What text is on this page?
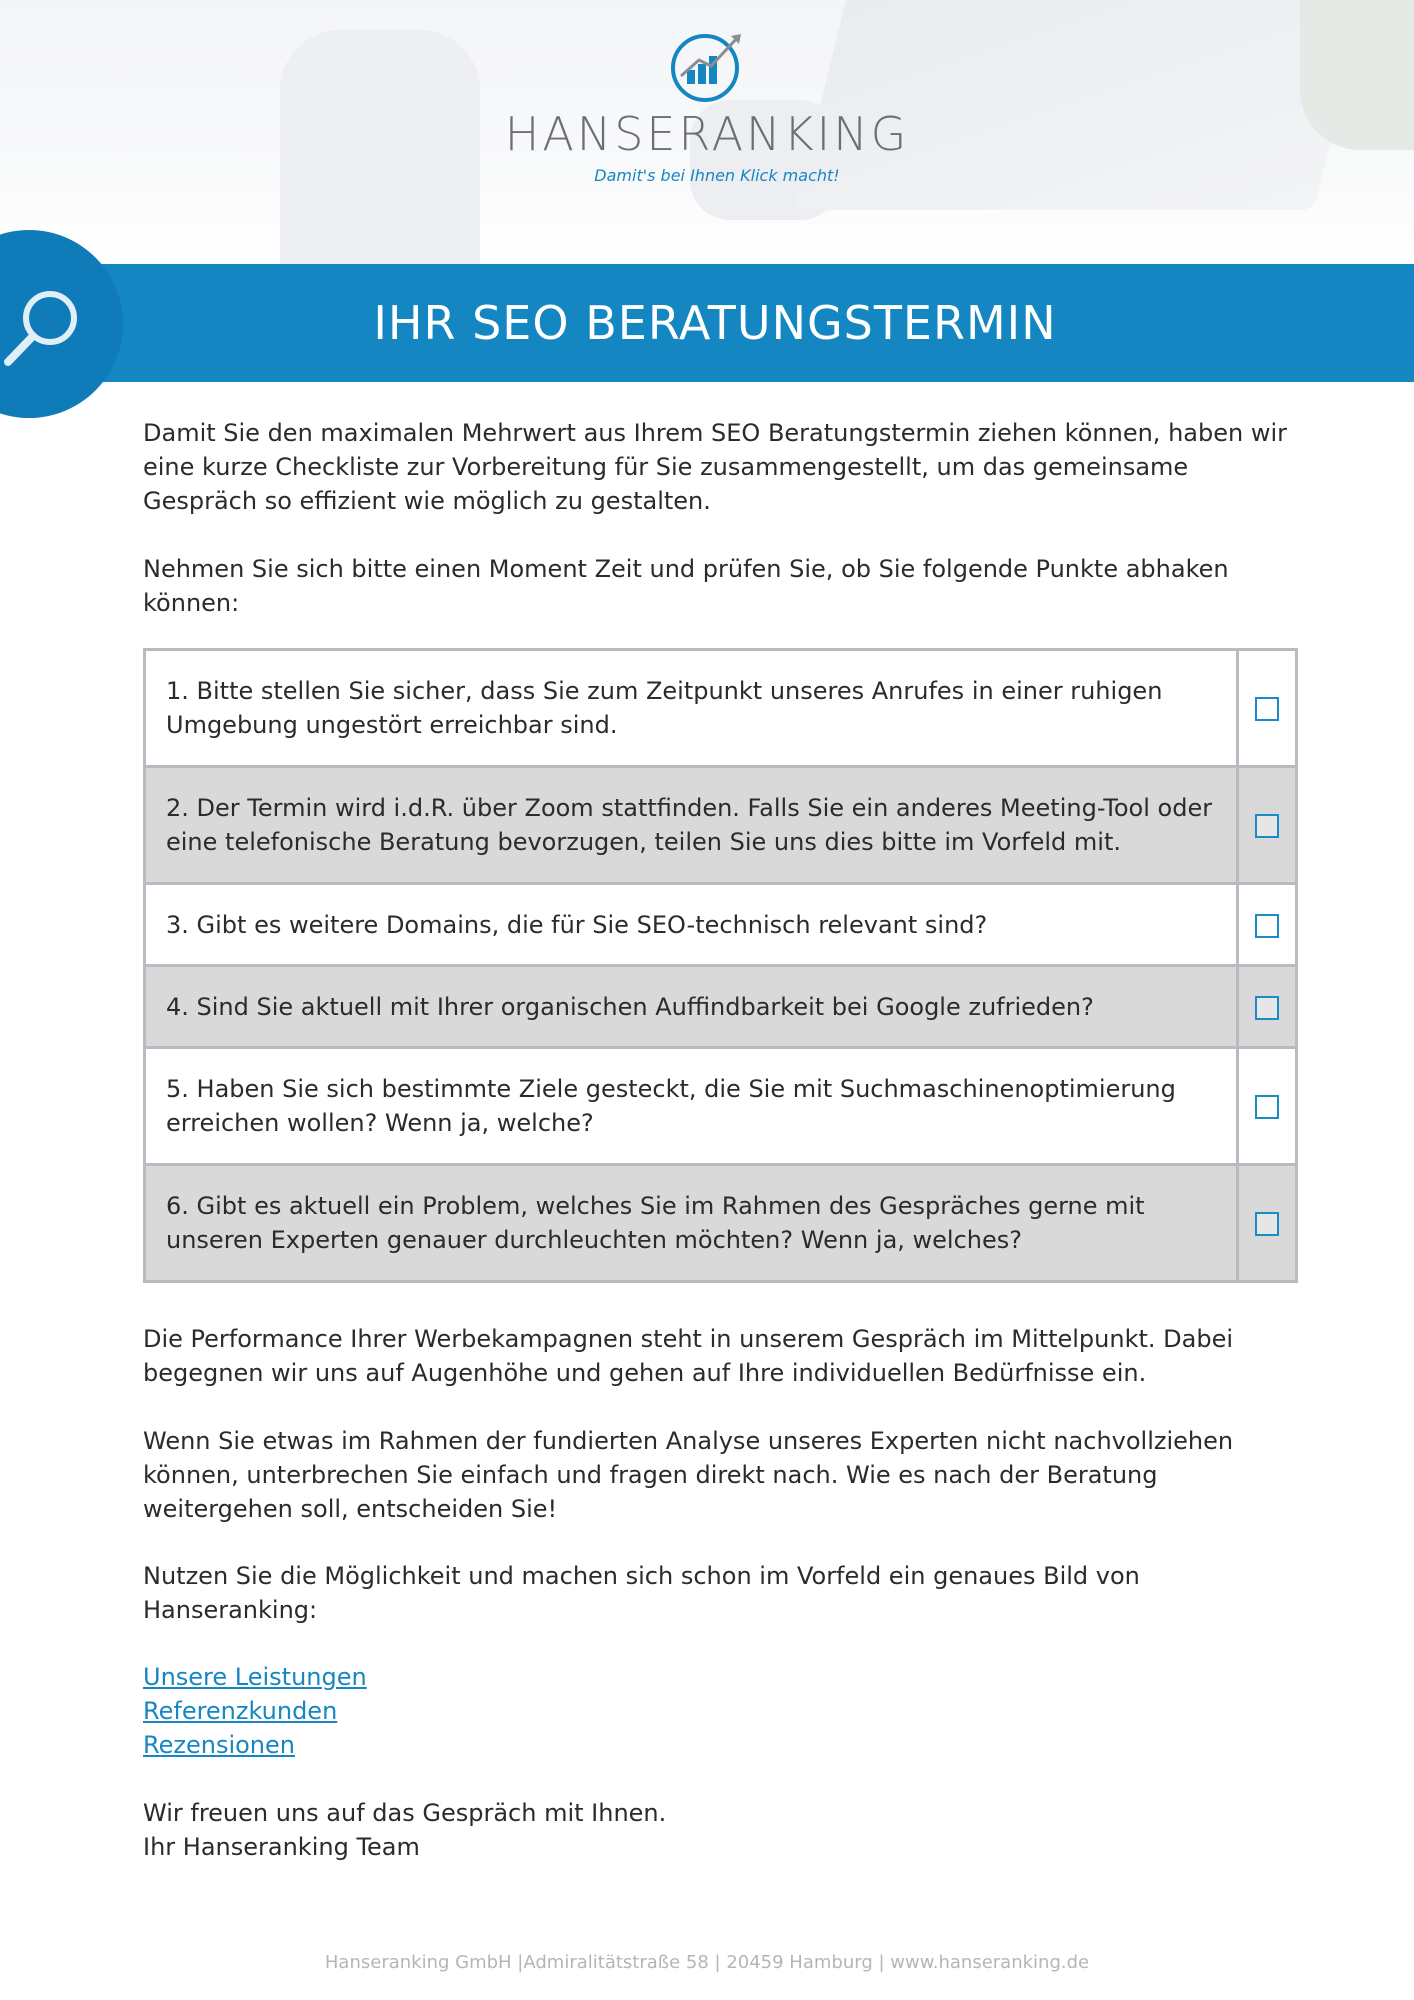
HANSERANKING
Damit's bei Ihnen Klick macht!
IHR SEO BERATUNGSTERMIN
Damit Sie den maximalen Mehrwert aus Ihrem SEO Beratungstermin ziehen können, haben wir eine kurze Checkliste zur Vorbereitung für Sie zusammengestellt, um das gemeinsame Gespräch so effizient wie möglich zu gestalten.
Nehmen Sie sich bitte einen Moment Zeit und prüfen Sie, ob Sie folgende Punkte abhaken können:
1. Bitte stellen Sie sicher, dass Sie zum Zeitpunkt unseres Anrufes in einer ruhigen Umgebung ungestört erreichbar sind.	
2. Der Termin wird i.d.R. über Zoom stattfinden. Falls Sie ein anderes Meeting-Tool oder eine telefonische Beratung bevorzugen, teilen Sie uns dies bitte im Vorfeld mit.	
3. Gibt es weitere Domains, die für Sie SEO-technisch relevant sind?	
4. Sind Sie aktuell mit Ihrer organischen Auffindbarkeit bei Google zufrieden?	
5. Haben Sie sich bestimmte Ziele gesteckt, die Sie mit Suchmaschinenoptimierung erreichen wollen? Wenn ja, welche?	
6. Gibt es aktuell ein Problem, welches Sie im Rahmen des Gespräches gerne mit unseren Experten genauer durchleuchten möchten? Wenn ja, welches?	
Die Performance Ihrer Werbekampagnen steht in unserem Gespräch im Mittelpunkt. Dabei begegnen wir uns auf Augenhöhe und gehen auf Ihre individuellen Bedürfnisse ein.
Wenn Sie etwas im Rahmen der fundierten Analyse unseres Experten nicht nachvollziehen können, unterbrechen Sie einfach und fragen direkt nach. Wie es nach der Beratung weitergehen soll, entscheiden Sie!
Nutzen Sie die Möglichkeit und machen sich schon im Vorfeld ein genaues Bild von Hanseranking:
Unsere Leistungen
Referenzkunden
Rezensionen
Wir freuen uns auf das Gespräch mit Ihnen.
Ihr Hanseranking Team
Hanseranking GmbH |Admiralitätstraße 58 | 20459 Hamburg | www.hanseranking.de
